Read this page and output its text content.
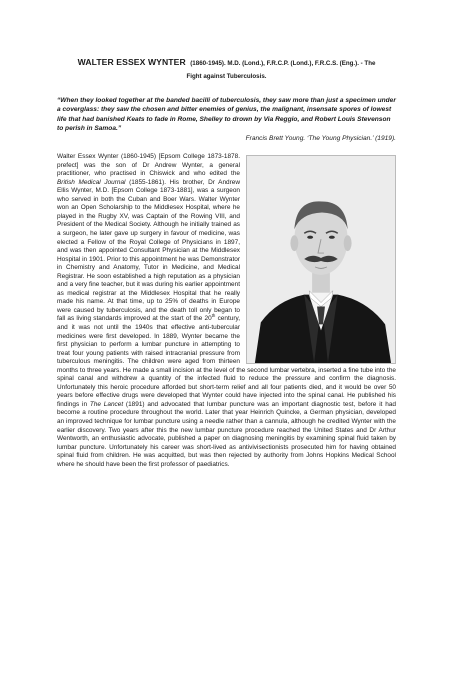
WALTER ESSEX WYNTER (1860-1945). M.D. (Lond.), F.R.C.P. (Lond.), F.R.C.S. (Eng.). - The
Fight against Tuberculosis.
“When they looked together at the banded bacilli of tuberculosis, they saw more than just a specimen under a coverglass: they saw the chosen and bitter enemies of genius, the malignant, insensate spores of lowest life that had banished Keats to fade in Rome, Shelley to drown by Via Reggio, and Robert Louis Stevenson to perish in Samoa.”
Francis Brett Young. ‘The Young Physician.’ (1919).

Walter Essex Wynter (1860-1945) [Epsom College 1873-1878. prefect] was the son of Dr Andrew Wynter, a general practitioner, who practised in Chiswick and who edited the British Medical Journal (1855-1861). His brother, Dr Andrew Ellis Wynter, M.D. [Epsom College 1873-1881], was a surgeon who served in both the Cuban and Boer Wars. Walter Wynter won an Open Scholarship to the Middlesex Hospital, where he played in the Rugby XV, was Captain of the Rowing VIII, and President of the Medical Society. Although he initially trained as a surgeon, he later gave up surgery in favour of medicine, was elected a Fellow of the Royal College of Physicians in 1897, and was then appointed Consultant Physician at the Middlesex Hospital in 1901. Prior to this appointment he was Demonstrator in Chemistry and Anatomy, Tutor in Medicine, and Medical Registrar. He soon established a high reputation as a physician and a very fine teacher, but it was during his earlier appointment as medical registrar at the Middlesex Hospital that he really made his name. At that time, up to 25% of deaths in Europe were caused by tuberculosis, and the death toll only began to fall as living standards improved at the start of the 20th century, and it was not until the 1940s that effective anti-tubercular medicines were first developed. In 1889, Wynter became the first physician to perform a lumbar puncture in attempting to treat four young patients with raised intracranial pressure from tuberculous meningitis. The children were aged from thirteen months to three years. He made a small incision at the level of the second lumbar vertebra, inserted a fine tube into the spinal canal and withdrew a quantity of the infected fluid to reduce the pressure and confirm the diagnosis. Unfortunately this heroic procedure afforded but short-term relief and all four patients died, and it would be over 50 years before effective drugs were developed that Wynter could have injected into the spinal canal. He published his findings in The Lancet (1891) and advocated that lumbar puncture was an important diagnostic test, before it had become a routine procedure throughout the world. Later that year Heinrich Quincke, a German physician, developed an improved technique for lumbar puncture using a needle rather than a cannula, although he credited Wynter with the earlier discovery. Two years after this the new lumbar puncture procedure reached the United States and Dr Arthur Wentworth, an enthusiastic advocate, published a paper on diagnosing meningitis by examining spinal fluid taken by lumbar puncture. Unfortunately his career was short-lived as antivivisectionists prosecuted him for having obtained spinal fluid from children. He was acquitted, but was then rejected by authority from Johns Hopkins Medical School where he should have been the first professor of paediatrics.
